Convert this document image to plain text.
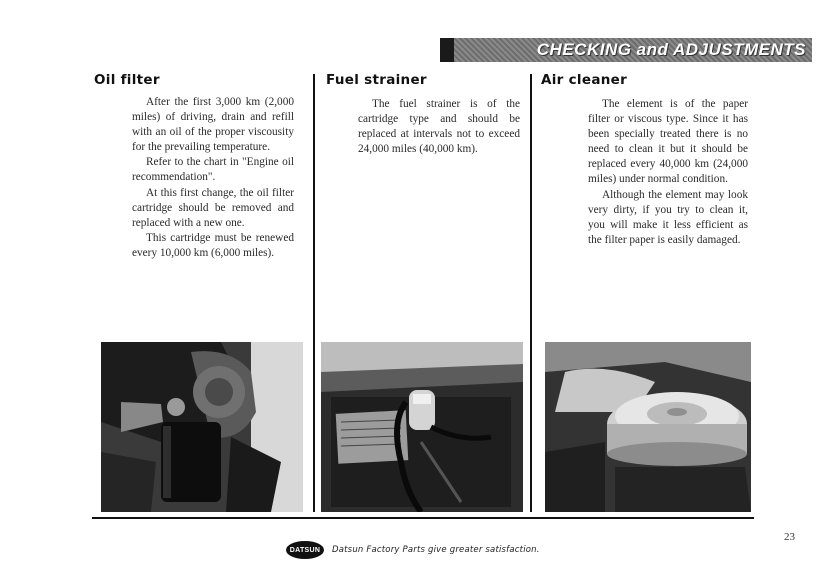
CHECKING and ADJUSTMENTS
Oil filter

After the first 3,000 km (2,000 miles) of driving, drain and refill with an oil of the proper viscousity for the prevailing temperature.

Refer to the chart in "Engine oil recommendation".

At this first change, the oil filter cartridge should be removed and replaced with a new one.

This cartridge must be renewed every 10,000 km (6,000 miles).

Fuel strainer

The fuel strainer is of the cartridge type and should be replaced at intervals not to exceed 24,000 miles (40,000 km).

Air cleaner

The element is of the paper filter or viscous type. Since it has been specially treated there is no need to clean it but it should be replaced every 40,000 km (24,000 miles) under normal condition.

Although the element may look very dirty, if you try to clean it, you will make it less efficient as the filter paper is easily damaged.

23
DATSUN Datsun Factory Parts give greater satisfaction.
